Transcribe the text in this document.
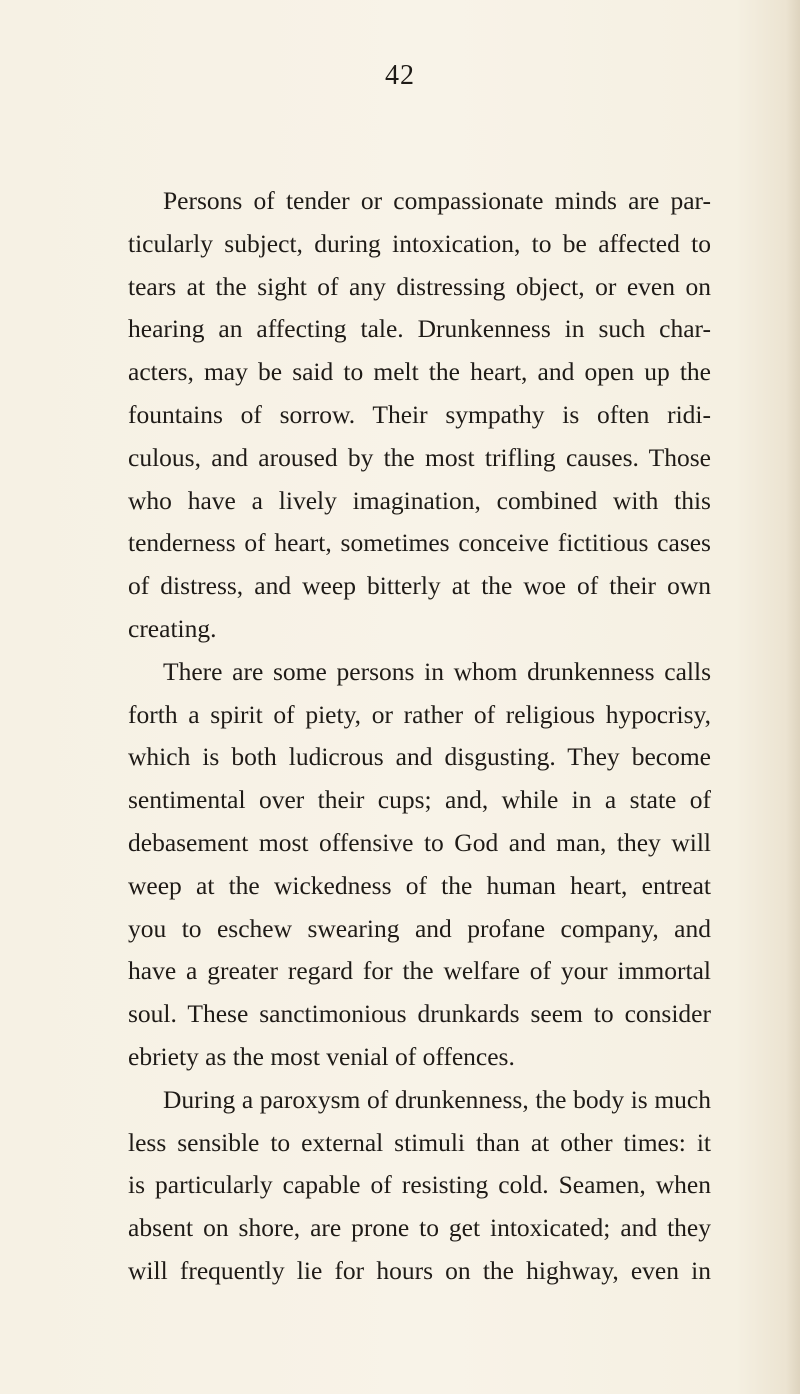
42
Persons of tender or compassionate minds are par-
ticularly subject, during intoxication, to be affected to
tears at the sight of any distressing object, or even on
hearing an affecting tale. Drunkenness in such char-
acters, may be said to melt the heart, and open up the
fountains of sorrow. Their sympathy is often ridi-
culous, and aroused by the most trifling causes. Those
who have a lively imagination, combined with this
tenderness of heart, sometimes conceive fictitious cases
of distress, and weep bitterly at the woe of their own
creating.
There are some persons in whom drunkenness calls
forth a spirit of piety, or rather of religious hypocrisy,
which is both ludicrous and disgusting. They become
sentimental over their cups; and, while in a state of
debasement most offensive to God and man, they will
weep at the wickedness of the human heart, entreat
you to eschew swearing and profane company, and
have a greater regard for the welfare of your immortal
soul. These sanctimonious drunkards seem to consider
ebriety as the most venial of offences.
During a paroxysm of drunkenness, the body is much
less sensible to external stimuli than at other times: it
is particularly capable of resisting cold. Seamen, when
absent on shore, are prone to get intoxicated; and they
will frequently lie for hours on the highway, even in
